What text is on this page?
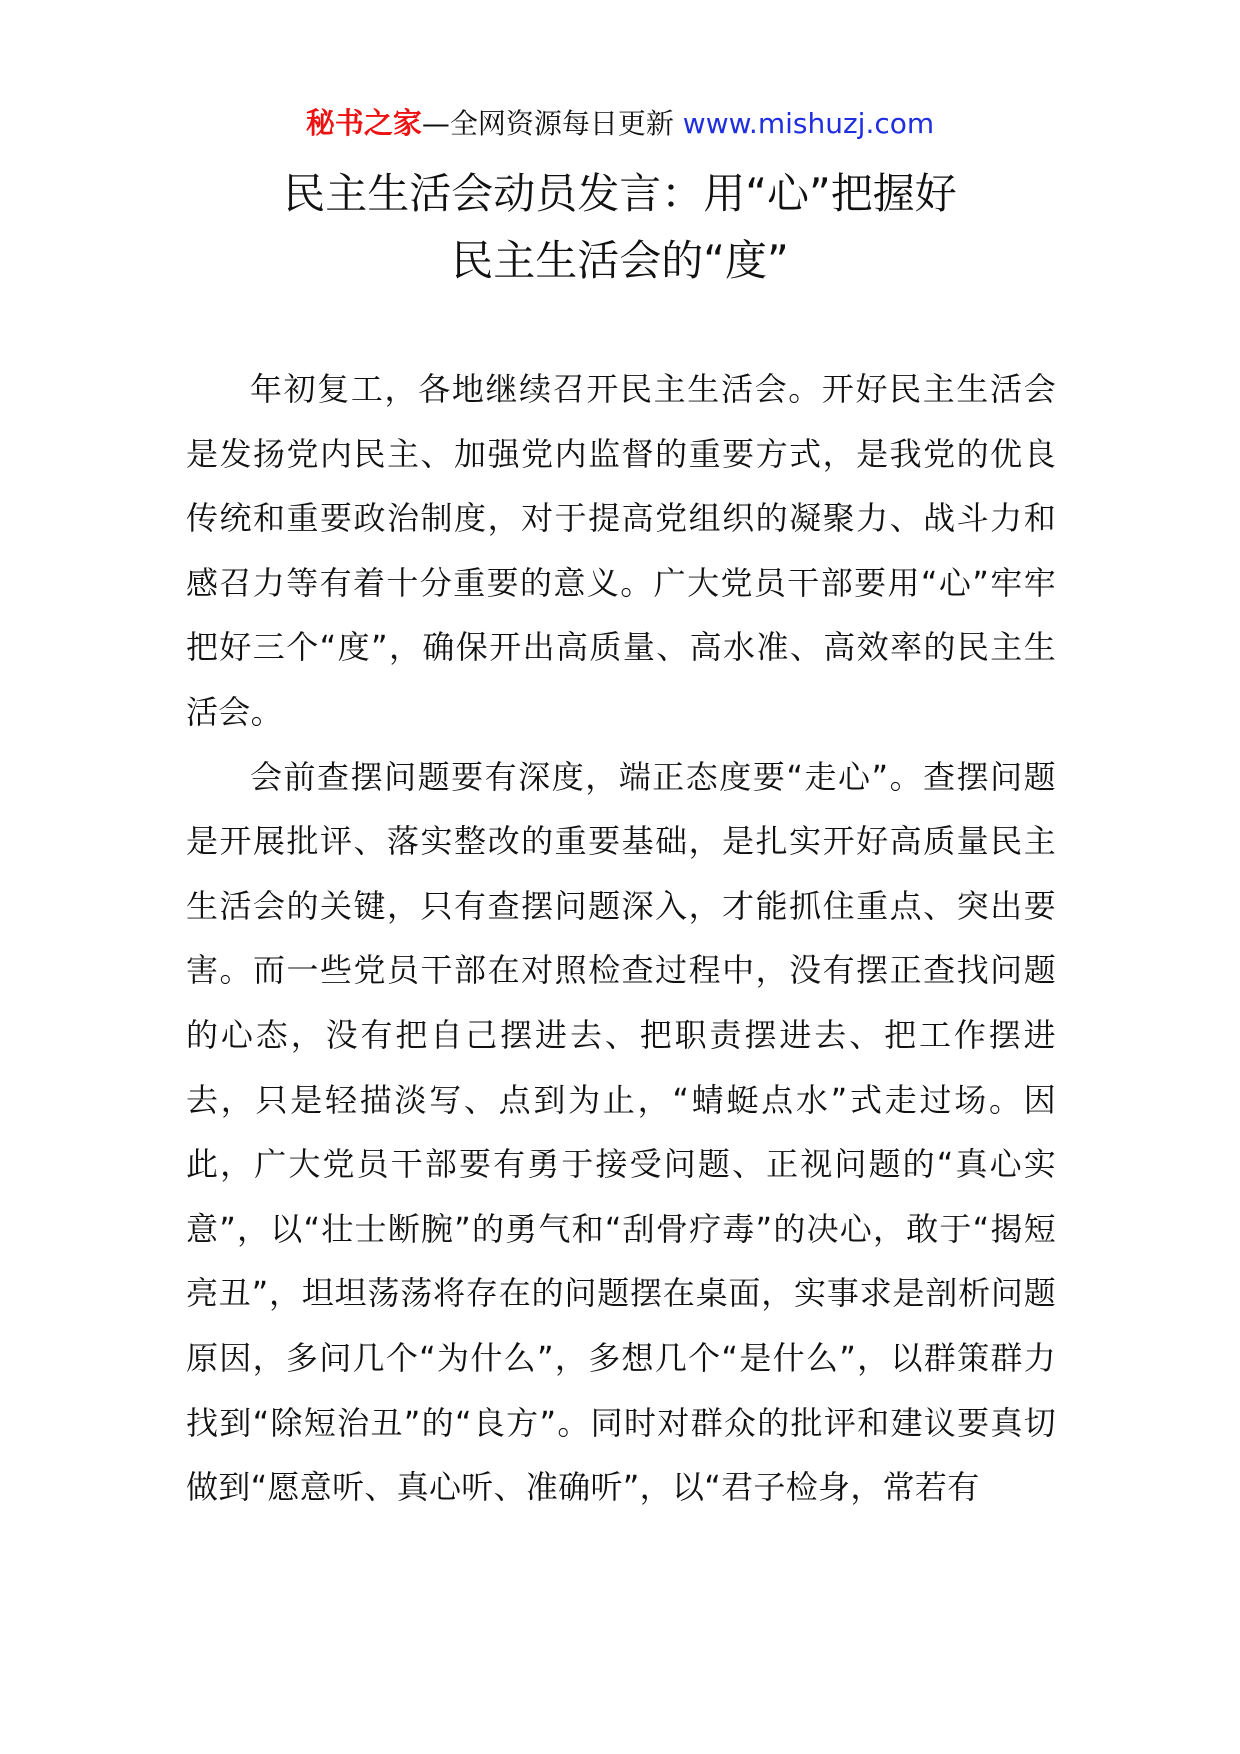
秘书之家—全网资源每日更新 www.mishuzj.com
民主生活会动员发言：用“心”把握好
民主生活会的“度”

年初复工，各地继续召开民主生活会。开好民主生活会是发扬党内民主、加强党内监督的重要方式，是我党的优良传统和重要政治制度，对于提高党组织的凝聚力、战斗力和感召力等有着十分重要的意义。广大党员干部要用“心”牢牢把好三个“度”，确保开出高质量、高水准、高效率的民主生活会。

会前查摆问题要有深度，端正态度要“走心”。查摆问题是开展批评、落实整改的重要基础，是扎实开好高质量民主生活会的关键，只有查摆问题深入，才能抓住重点、突出要害。而一些党员干部在对照检查过程中，没有摆正查找问题的心态，没有把自己摆进去、把职责摆进去、把工作摆进去，只是轻描淡写、点到为止，“蜻蜓点水”式走过场。因此，广大党员干部要有勇于接受问题、正视问题的“真心实意”，以“壮士断腕”的勇气和“刮骨疗毒”的决心，敢于“揭短亮丑”，坦坦荡荡将存在的问题摆在桌面，实事求是剖析问题原因，多问几个“为什么”，多想几个“是什么”，以群策群力找到“除短治丑”的“良方”。同时对群众的批评和建议要真切做到“愿意听、真心听、准确听”，以“君子检身，常若有
